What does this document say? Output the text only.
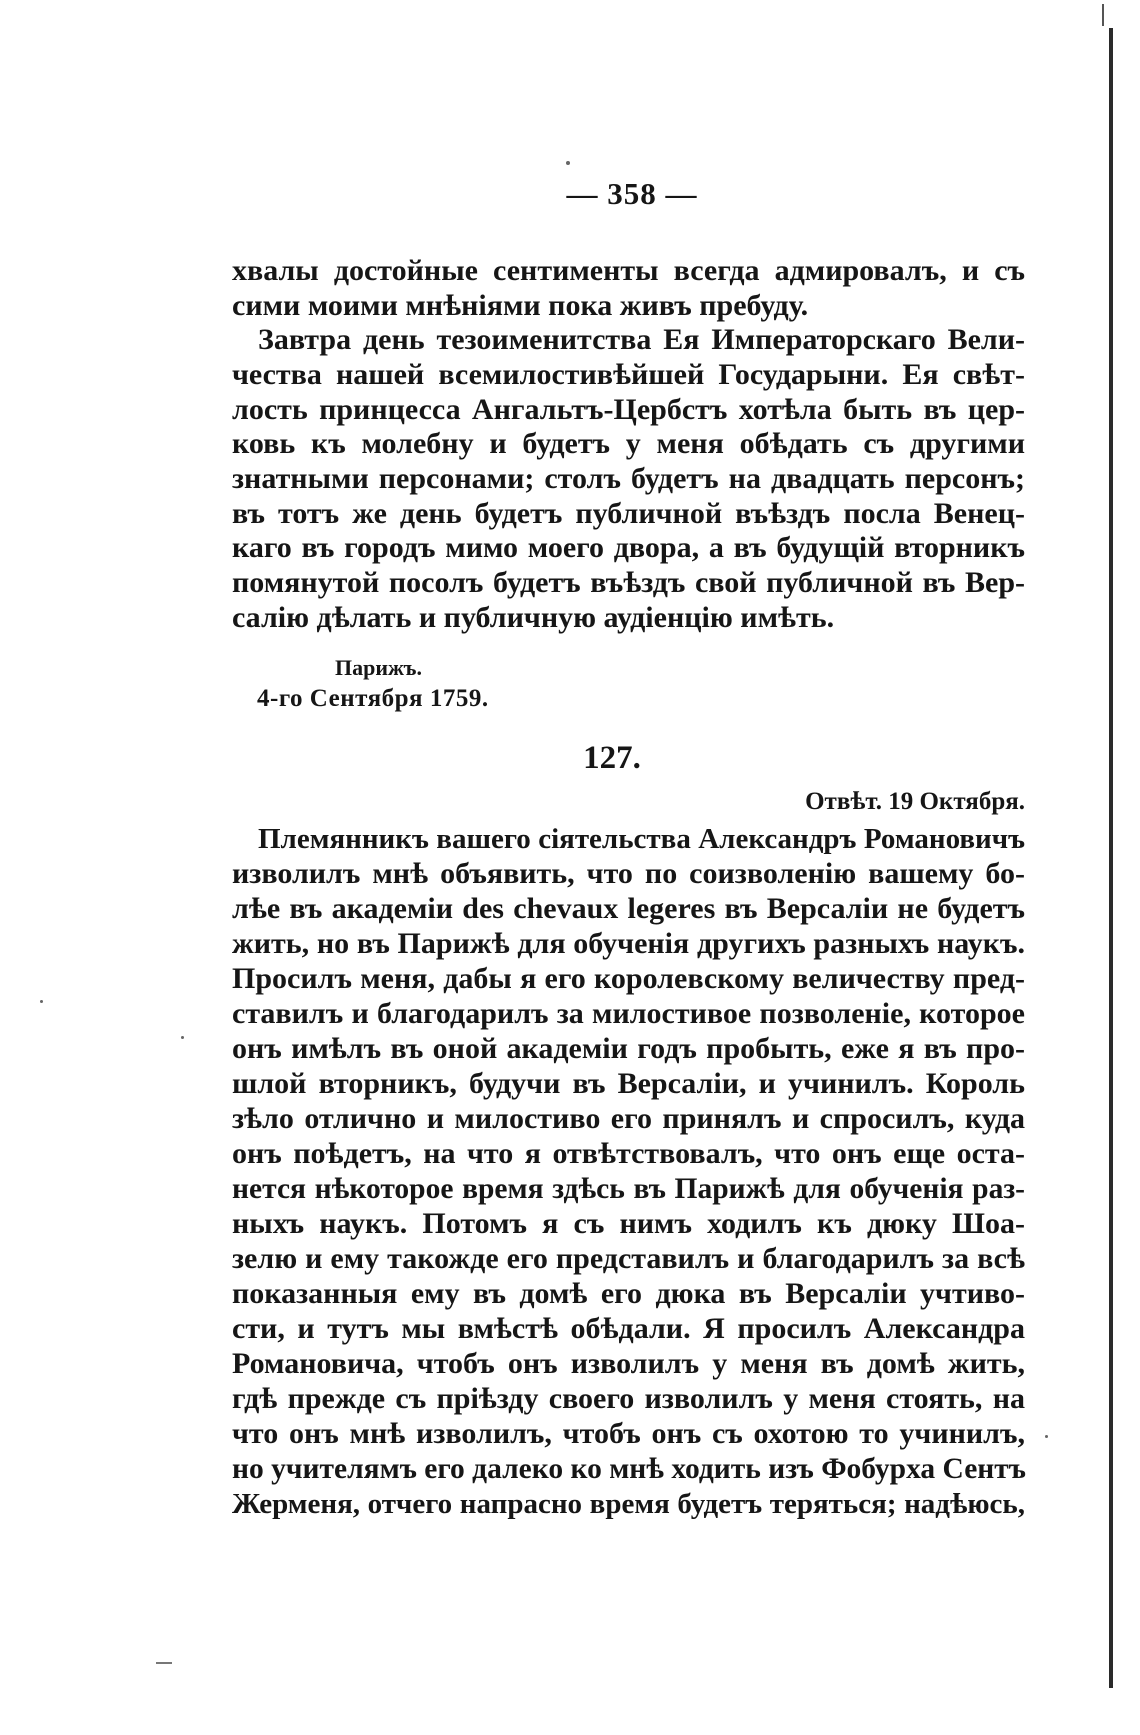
— 358 —
хвалы достойные сентименты всегда адмировалъ, и съ
сими моими мнѣніями пока живъ пребуду.
Завтра день тезоименитства Ея Императорскаго Вели-
чества нашей всемилостивѣйшей Государыни. Ея свѣт-
лость принцесса Ангальтъ-Цербстъ хотѣла быть въ цер-
ковь къ молебну и будетъ у меня обѣдать съ другими
знатными персонами; столъ будетъ на двадцать персонъ;
въ тотъ же день будетъ публичной въѣздъ посла Венец-
каго въ городъ мимо моего двора, а въ будущій вторникъ
помянутой посолъ будетъ въѣздъ свой публичной въ Вер-
салію дѣлать и публичную аудіенцію имѣть.
Парижъ.
4-го Сентября 1759.
127.
Отвѣт. 19 Октября.
Племянникъ вашего сіятельства Александръ Романовичъ
изволилъ мнѣ объявить, что по соизволенію вашему бо-
лѣе въ академіи des chevaux legeres въ Версаліи не будетъ
жить, но въ Парижѣ для обученія другихъ разныхъ наукъ.
Просилъ меня, дабы я его королевскому величеству пред-
ставилъ и благодарилъ за милостивое позволеніе, которое
онъ имѣлъ въ оной академіи годъ пробыть, еже я въ про-
шлой вторникъ, будучи въ Версаліи, и учинилъ. Король
зѣло отлично и милостиво его принялъ и спросилъ, куда
онъ поѣдетъ, на что я отвѣтствовалъ, что онъ еще оста-
нется нѣкоторое время здѣсь въ Парижѣ для обученія раз-
ныхъ наукъ. Потомъ я съ нимъ ходилъ къ дюку Шоа-
зелю и ему такожде его представилъ и благодарилъ за всѣ
показанныя ему въ домѣ его дюка въ Версаліи учтиво-
сти, и тутъ мы вмѣстѣ обѣдали. Я просилъ Александра
Романовича, чтобъ онъ изволилъ у меня въ домѣ жить,
гдѣ прежде съ пріѣзду своего изволилъ у меня стоять, на
что онъ мнѣ изволилъ, чтобъ онъ съ охотою то учинилъ,
но учителямъ его далеко ко мнѣ ходить изъ Фобурха Сентъ
Жерменя, отчего напрасно время будетъ теряться; надѣюсь,
